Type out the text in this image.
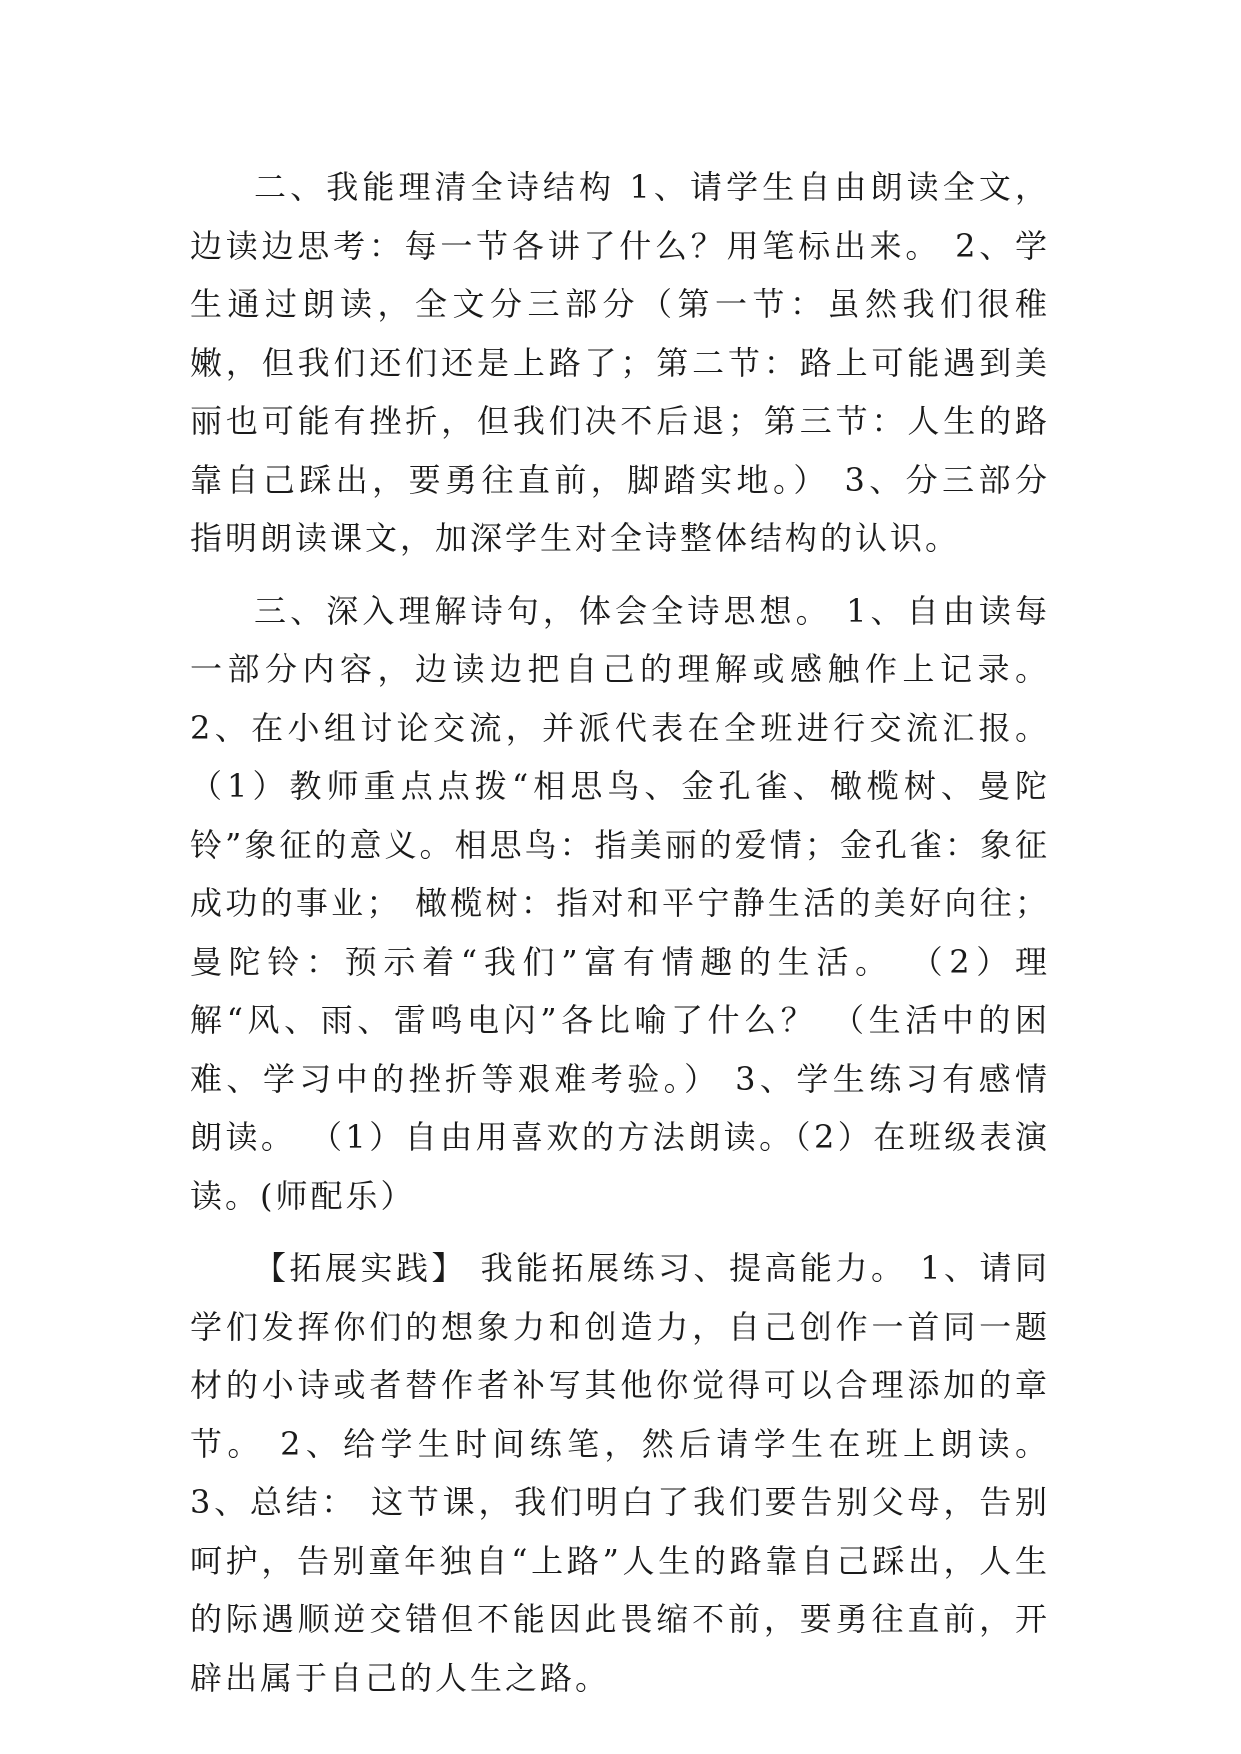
二、我能理清全诗结构 1、请学生自由朗读全文，边读边思考：每一节各讲了什么？用笔标出来。 2、学生通过朗读，全文分三部分（第一节：虽然我们很稚嫩，但我们还们还是上路了；第二节：路上可能遇到美丽也可能有挫折，但我们决不后退；第三节：人生的路靠自己踩出，要勇往直前，脚踏实地。） 3、分三部分指明朗读课文，加深学生对全诗整体结构的认识。

三、深入理解诗句，体会全诗思想。 1、自由读每一部分内容，边读边把自己的理解或感触作上记录。 2、在小组讨论交流，并派代表在全班进行交流汇报。 （1）教师重点点拨“相思鸟、金孔雀、橄榄树、曼陀铃”象征的意义。相思鸟：指美丽的爱情；金孔雀：象征成功的事业； 橄榄树：指对和平宁静生活的美好向往；曼陀铃：预示着“我们”富有情趣的生活。 （2）理解“风、雨、雷鸣电闪”各比喻了什么？ （生活中的困难、学习中的挫折等艰难考验。） 3、学生练习有感情朗读。 （1）自由用喜欢的方法朗读。（2）在班级表演读。(师配乐）

【拓展实践】 我能拓展练习、提高能力。 1、请同学们发挥你们的想象力和创造力，自己创作一首同一题材的小诗或者替作者补写其他你觉得可以合理添加的章节。 2、给学生时间练笔，然后请学生在班上朗读。 3、总结： 这节课，我们明白了我们要告别父母，告别呵护，告别童年独自“上路”人生的路靠自己踩出，人生的际遇顺逆交错但不能因此畏缩不前，要勇往直前，开辟出属于自己的人生之路。
